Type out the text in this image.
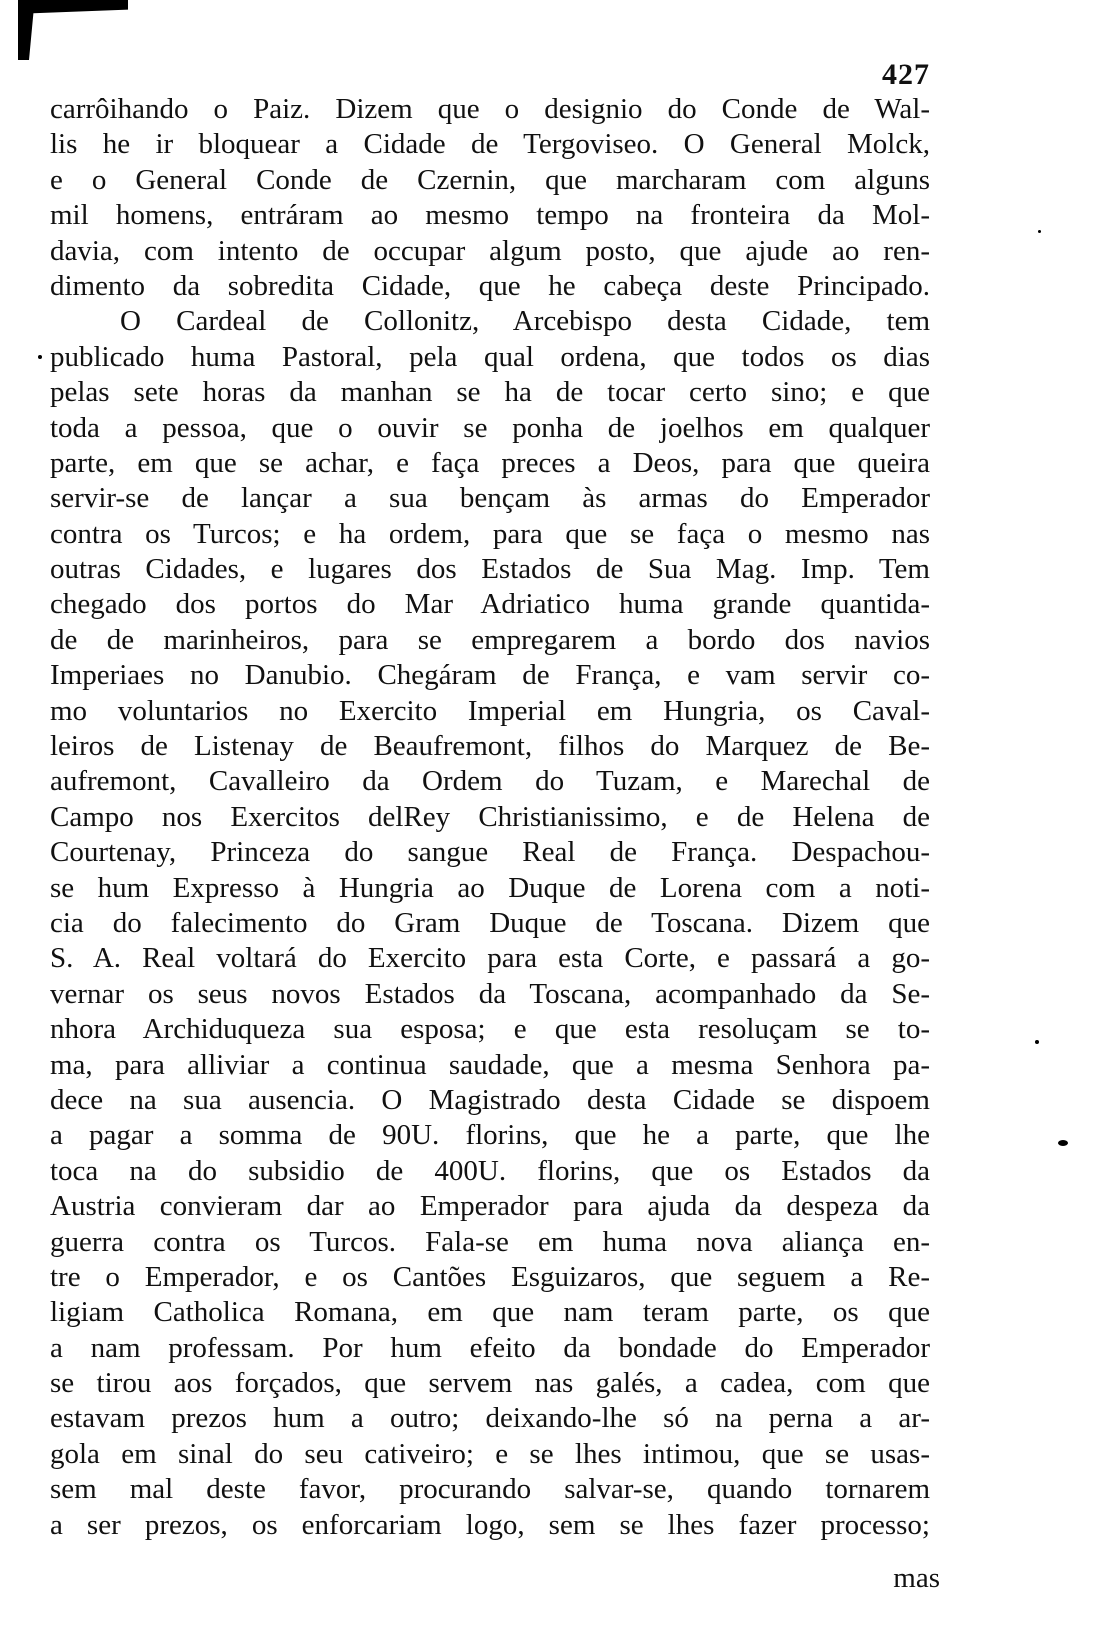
427
carrôihando o Paiz. Dizem que o designio do Conde de Wal-
lis he ir bloquear a Cidade de Tergoviseo. O General Molck,
e o General Conde de Czernin, que marcharam com alguns
mil homens, entráram ao mesmo tempo na fronteira da Mol-
davia, com intento de occupar algum posto, que ajude ao ren-
dimento da sobredita Cidade, que he cabeça deste Principado.
O Cardeal de Collonitz, Arcebispo desta Cidade, tem
publicado huma Pastoral, pela qual ordena, que todos os dias
pelas sete horas da manhan se ha de tocar certo sino; e que
toda a pessoa, que o ouvir se ponha de joelhos em qualquer
parte, em que se achar, e faça preces a Deos, para que queira
servir-se de lançar a sua bençam às armas do Emperador
contra os Turcos; e ha ordem, para que se faça o mesmo nas
outras Cidades, e lugares dos Estados de Sua Mag. Imp. Tem
chegado dos portos do Mar Adriatico huma grande quantida-
de de marinheiros, para se empregarem a bordo dos navios
Imperiaes no Danubio. Chegáram de França, e vam servir co-
mo voluntarios no Exercito Imperial em Hungria, os Caval-
leiros de Listenay de Beaufremont, filhos do Marquez de Be-
aufremont, Cavalleiro da Ordem do Tuzam, e Marechal de
Campo nos Exercitos delRey Christianissimo, e de Helena de
Courtenay, Princeza do sangue Real de França. Despachou-
se hum Expresso à Hungria ao Duque de Lorena com a noti-
cia do falecimento do Gram Duque de Toscana. Dizem que
S. A. Real voltará do Exercito para esta Corte, e passará a go-
vernar os seus novos Estados da Toscana, acompanhado da Se-
nhora Archiduqueza sua esposa; e que esta resoluçam se to-
ma, para alliviar a continua saudade, que a mesma Senhora pa-
dece na sua ausencia. O Magistrado desta Cidade se dispoem
a pagar a somma de 90U. florins, que he a parte, que lhe
toca na do subsidio de 400U. florins, que os Estados da
Austria convieram dar ao Emperador para ajuda da despeza da
guerra contra os Turcos. Fala-se em huma nova aliança en-
tre o Emperador, e os Cantões Esguizaros, que seguem a Re-
ligiam Catholica Romana, em que nam teram parte, os que
a nam professam. Por hum efeito da bondade do Emperador
se tirou aos forçados, que servem nas galés, a cadea, com que
estavam prezos hum a outro; deixando-lhe só na perna a ar-
gola em sinal do seu cativeiro; e se lhes intimou, que se usas-
sem mal deste favor, procurando salvar-se, quando tornarem
a ser prezos, os enforcariam logo, sem se lhes fazer processo;
mas
